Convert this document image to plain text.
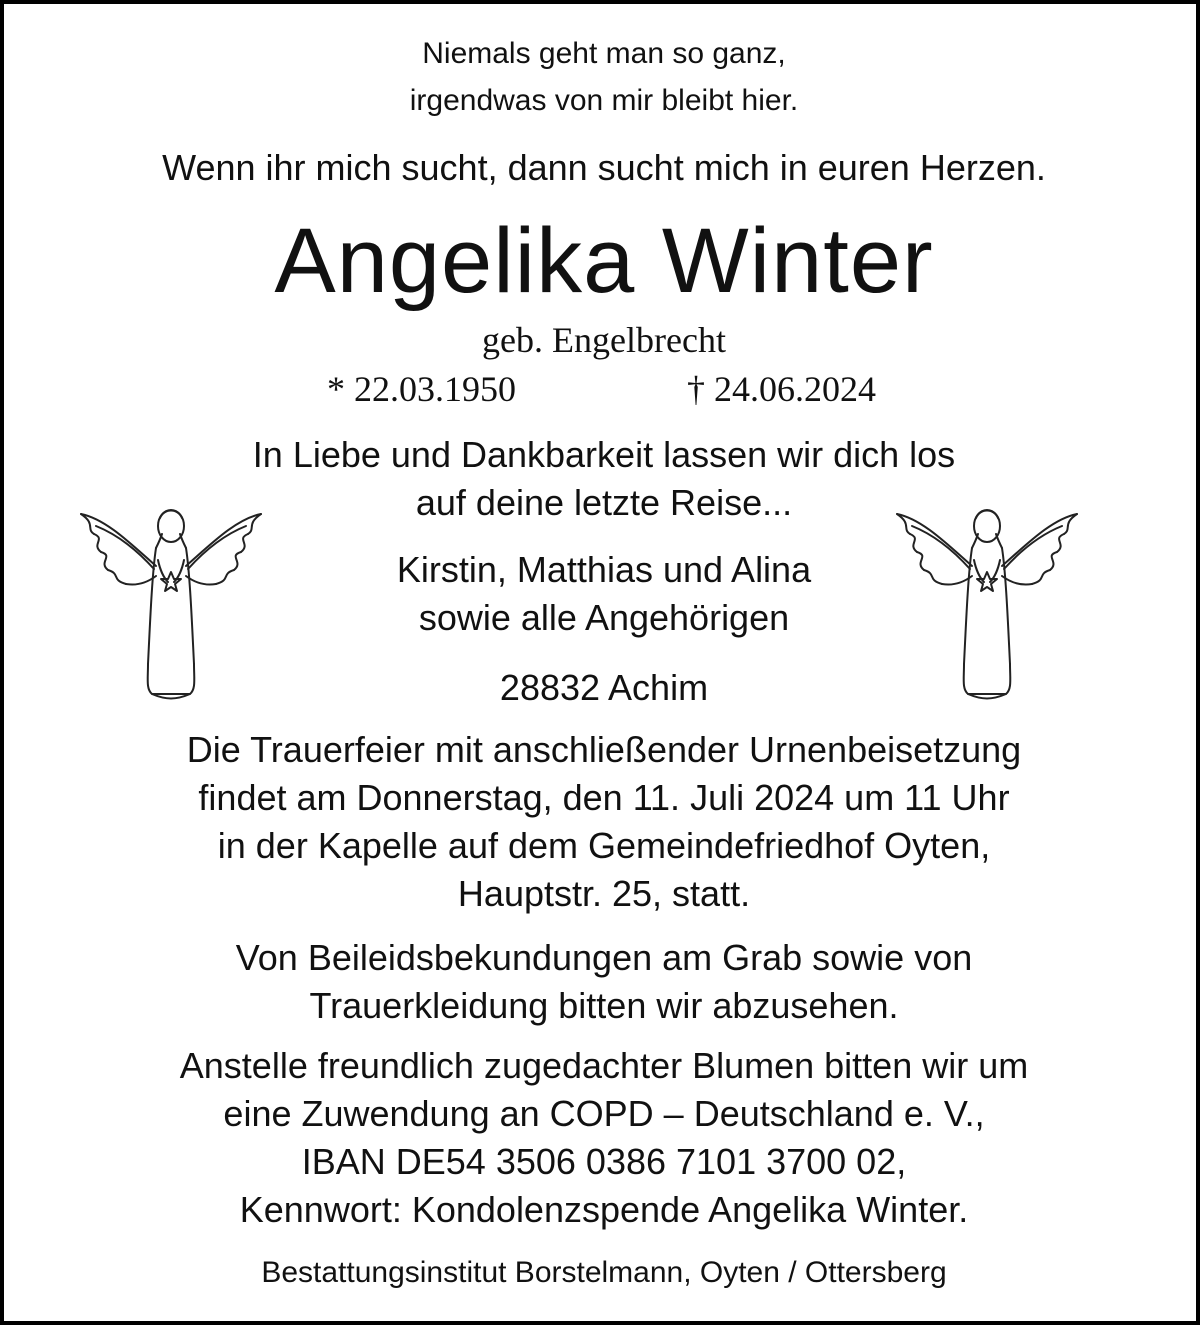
Niemals geht man so ganz,

irgendwas von mir bleibt hier.

Wenn ihr mich sucht, dann sucht mich in euren Herzen.

Angelika Winter

geb. Engelbrecht

* 22.03.1950	† 24.06.2024

In Liebe und Dankbarkeit lassen wir dich los

auf deine letzte Reise...

Kirstin, Matthias und Alina

sowie alle Angehörigen

28832 Achim

Die Trauerfeier mit anschließender Urnenbeisetzung

findet am Donnerstag, den 11. Juli 2024 um 11 Uhr

in der Kapelle auf dem Gemeindefriedhof Oyten,

Hauptstr. 25, statt.

Von Beileidsbekundungen am Grab sowie von

Trauerkleidung bitten wir abzusehen.

Anstelle freundlich zugedachter Blumen bitten wir um

eine Zuwendung an COPD – Deutschland e. V.,

IBAN DE54 3506 0386 7101 3700 02,

Kennwort: Kondolenzspende Angelika Winter.

Bestattungsinstitut Borstelmann, Oyten / Ottersberg
